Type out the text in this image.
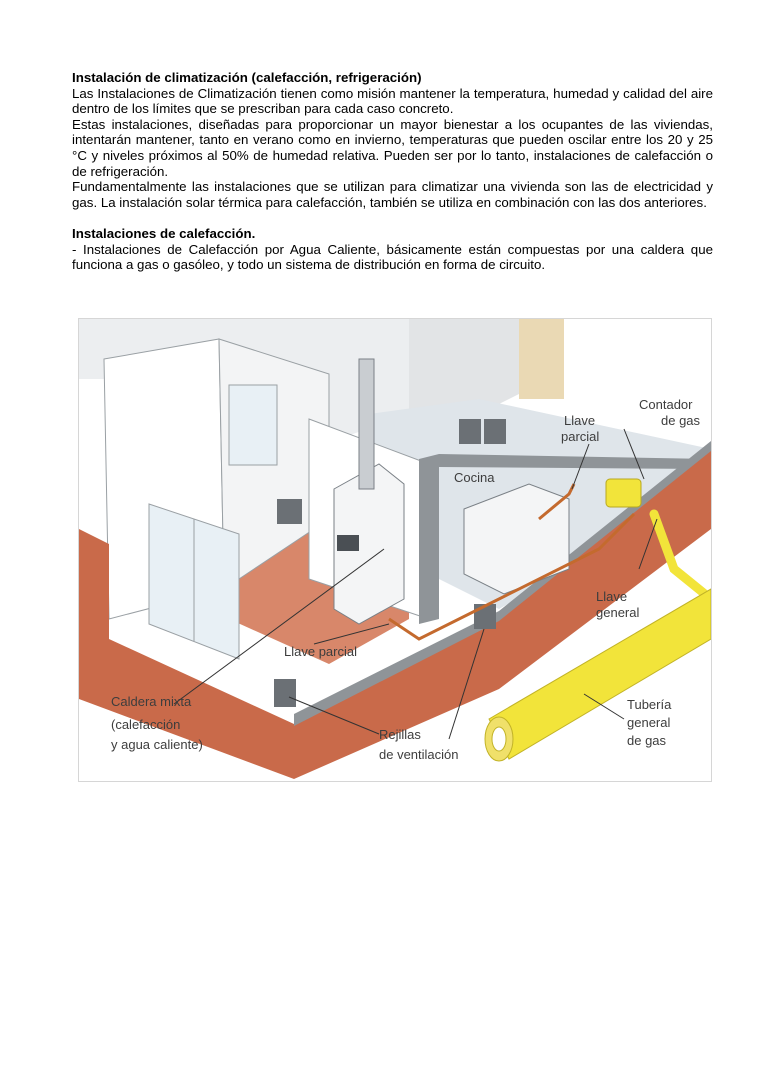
Instalación de climatización (calefacción, refrigeración)

Las Instalaciones de Climatización tienen como misión mantener la temperatura, humedad y calidad del aire dentro de los límites que se prescriban para cada caso concreto.

Estas instalaciones, diseñadas para proporcionar un mayor bienestar a los ocupantes de las viviendas, intentarán mantener, tanto en verano como en invierno, temperaturas que pueden oscilar entre los 20 y 25 °C y niveles próximos al 50% de humedad relativa. Pueden ser por lo tanto, instalaciones de calefacción o de refrigeración.

Fundamentalmente las instalaciones que se utilizan para climatizar una vivienda son las de electricidad y gas. La instalación solar térmica para calefacción, también se utiliza en combinación con las dos anteriores.

Instalaciones de calefacción.

- Instalaciones de Calefacción por Agua Caliente, básicamente están compuestas por una caldera que funciona a gas o gasóleo, y todo un sistema de distribución en forma de circuito.

Contador
de gas
Llave
parcial
Cocina
Llave
general
Llave parcial
Caldera mixta
(calefacción
y agua caliente)
Rejillas
de ventilación
Tubería
general
de gas
